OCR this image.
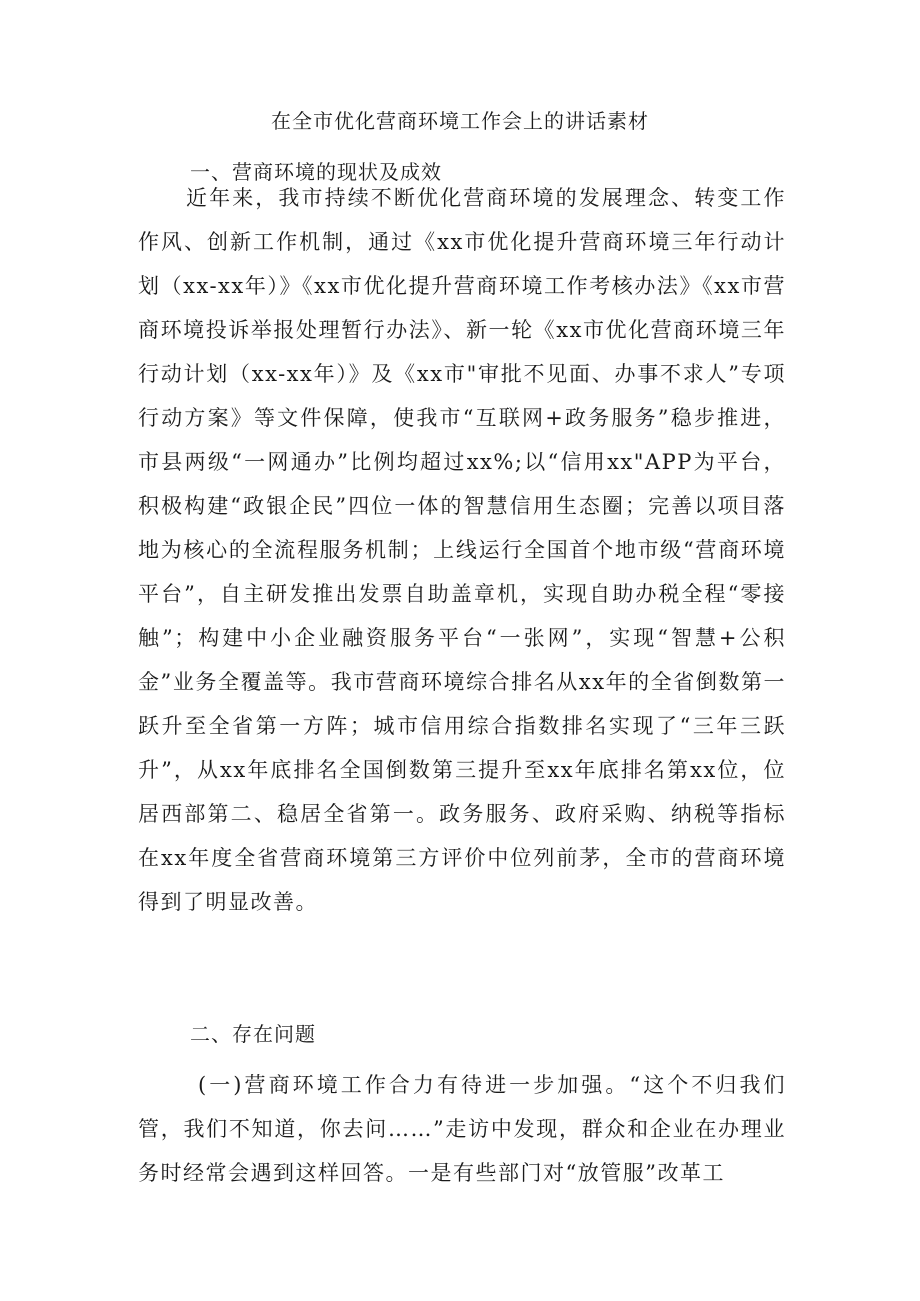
在全市优化营商环境工作会上的讲话素材
一、营商环境的现状及成效

近年来，我市持续不断优化营商环境的发展理念、转变工作作风、创新工作机制，通过《xx市优化提升营商环境三年行动计划（xx-xx年）》《xx市优化提升营商环境工作考核办法》《xx市营商环境投诉举报处理暂行办法》、新一轮《xx市优化营商环境三年行动计划（xx-xx年）》及《xx市"审批不见面、办事不求人”专项行动方案》等文件保障，使我市“互联网+政务服务”稳步推进，市县两级“一网通办”比例均超过xx%;以“信用xx"APP为平台，积极构建“政银企民”四位一体的智慧信用生态圈；完善以项目落地为核心的全流程服务机制；上线运行全国首个地市级“营商环境平台”，自主研发推出发票自助盖章机，实现自助办税全程“零接触”；构建中小企业融资服务平台“一张网”，实现“智慧+公积金”业务全覆盖等。我市营商环境综合排名从xx年的全省倒数第一跃升至全省第一方阵；城市信用综合指数排名实现了“三年三跃升”，从xx年底排名全国倒数第三提升至xx年底排名第xx位，位居西部第二、稳居全省第一。政务服务、政府采购、纳税等指标在xx年度全省营商环境第三方评价中位列前茅，全市的营商环境得到了明显改善。

二、存在问题

(一)营商环境工作合力有待进一步加强。“这个不归我们管，我们不知道，你去问……”走访中发现，群众和企业在办理业务时经常会遇到这样回答。一是有些部门对“放管服”改革工
